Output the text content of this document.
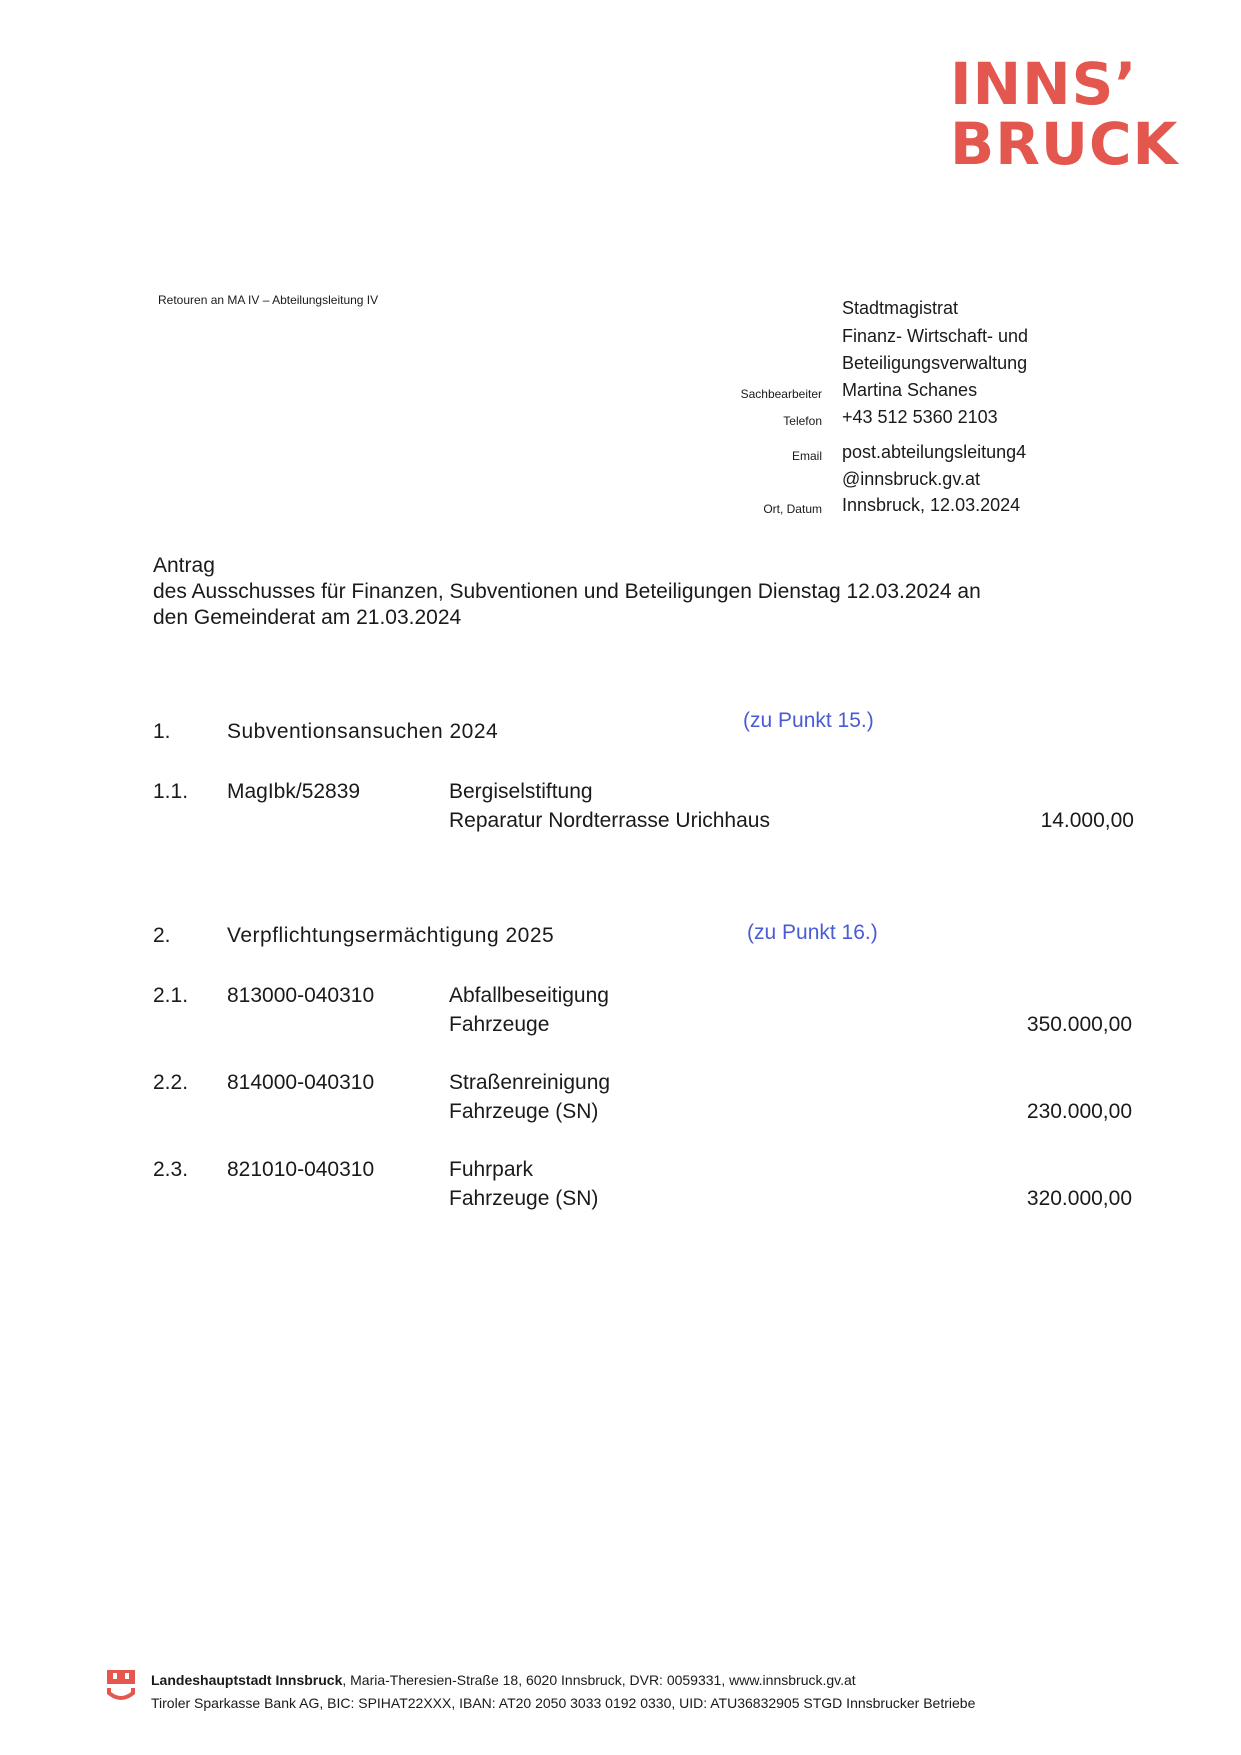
INNS’
BRUCK
Retouren an MA IV – Abteilungsleitung IV	Stadtmagistrat
Finanz- Wirtschaft- und
Beteiligungsverwaltung
Sachbearbeiter Martina Schanes
Telefon +43 512 5360 2103
Email post.abteilungsleitung4
@innsbruck.gv.at
Ort, Datum Innsbruck, 12.03.2024
Antrag
des Ausschusses für Finanzen, Subventionen und Beteiligungen Dienstag 12.03.2024 an
den Gemeinderat am 21.03.2024
1.	Subventionsansuchen 2024	(zu Punkt 15.)
1.1. MagIbk/52839	Bergiselstiftung
Reparatur Nordterrasse Urichhaus	14.000,00
2.	Verpflichtungsermächtigung 2025	(zu Punkt 16.)
2.1. 813000-040310	Abfallbeseitigung
Fahrzeuge	350.000,00
2.2. 814000-040310	Straßenreinigung
Fahrzeuge (SN)	230.000,00
2.3. 821010-040310	Fuhrpark
Fahrzeuge (SN)	320.000,00
Landeshauptstadt Innsbruck, Maria-Theresien-Straße 18, 6020 Innsbruck, DVR: 0059331, www.innsbruck.gv.at
Tiroler Sparkasse Bank AG, BIC: SPIHAT22XXX, IBAN: AT20 2050 3033 0192 0330, UID: ATU36832905 STGD Innsbrucker Betriebe
